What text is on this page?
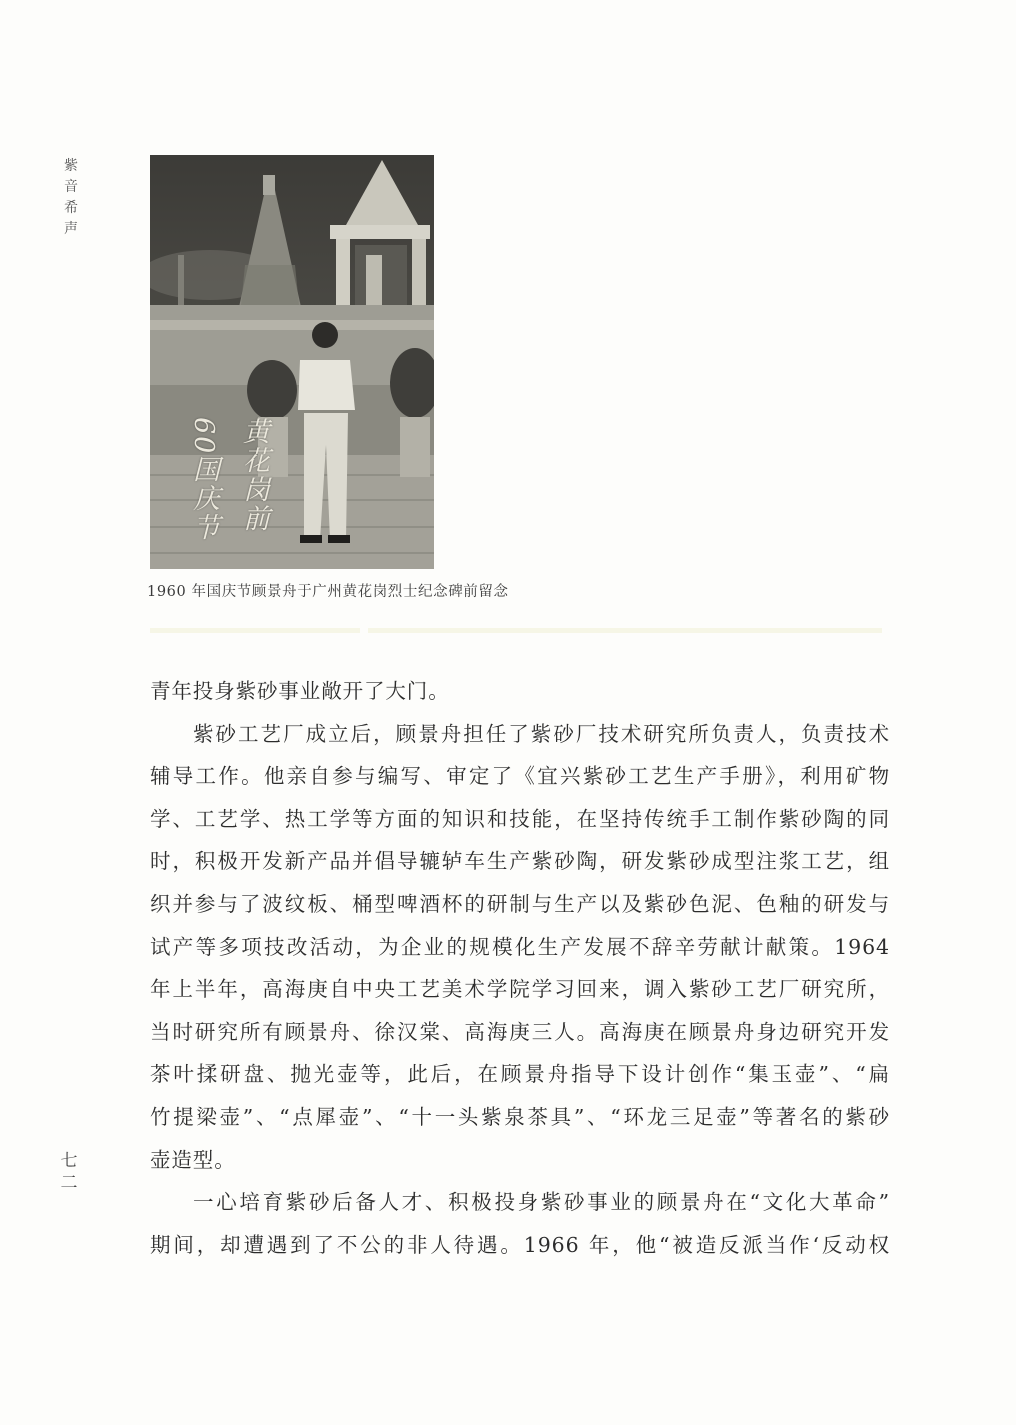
紫
音
希
声
黄花岗前 60国庆节
1960 年国庆节顾景舟于广州黄花岗烈士纪念碑前留念
青年投身紫砂事业敞开了大门。
紫砂工艺厂成立后，顾景舟担任了紫砂厂技术研究所负责人，负责技术
辅导工作。他亲自参与编写、审定了《宜兴紫砂工艺生产手册》，利用矿物
学、工艺学、热工学等方面的知识和技能，在坚持传统手工制作紫砂陶的同
时，积极开发新产品并倡导辘轳车生产紫砂陶，研发紫砂成型注浆工艺，组
织并参与了波纹板、桶型啤酒杯的研制与生产以及紫砂色泥、色釉的研发与
试产等多项技改活动，为企业的规模化生产发展不辞辛劳献计献策。1964
年上半年，高海庚自中央工艺美术学院学习回来，调入紫砂工艺厂研究所，
当时研究所有顾景舟、徐汉棠、高海庚三人。高海庚在顾景舟身边研究开发
茶叶揉研盘、抛光壶等，此后，在顾景舟指导下设计创作“集玉壶”、“扁
竹提梁壶”、“点犀壶”、“十一头紫泉茶具”、“环龙三足壶”等著名的紫砂
壶造型。
一心培育紫砂后备人才、积极投身紫砂事业的顾景舟在“文化大革命”
期间，却遭遇到了不公的非人待遇。1966 年，他“被造反派当作‘反动权
七
二
